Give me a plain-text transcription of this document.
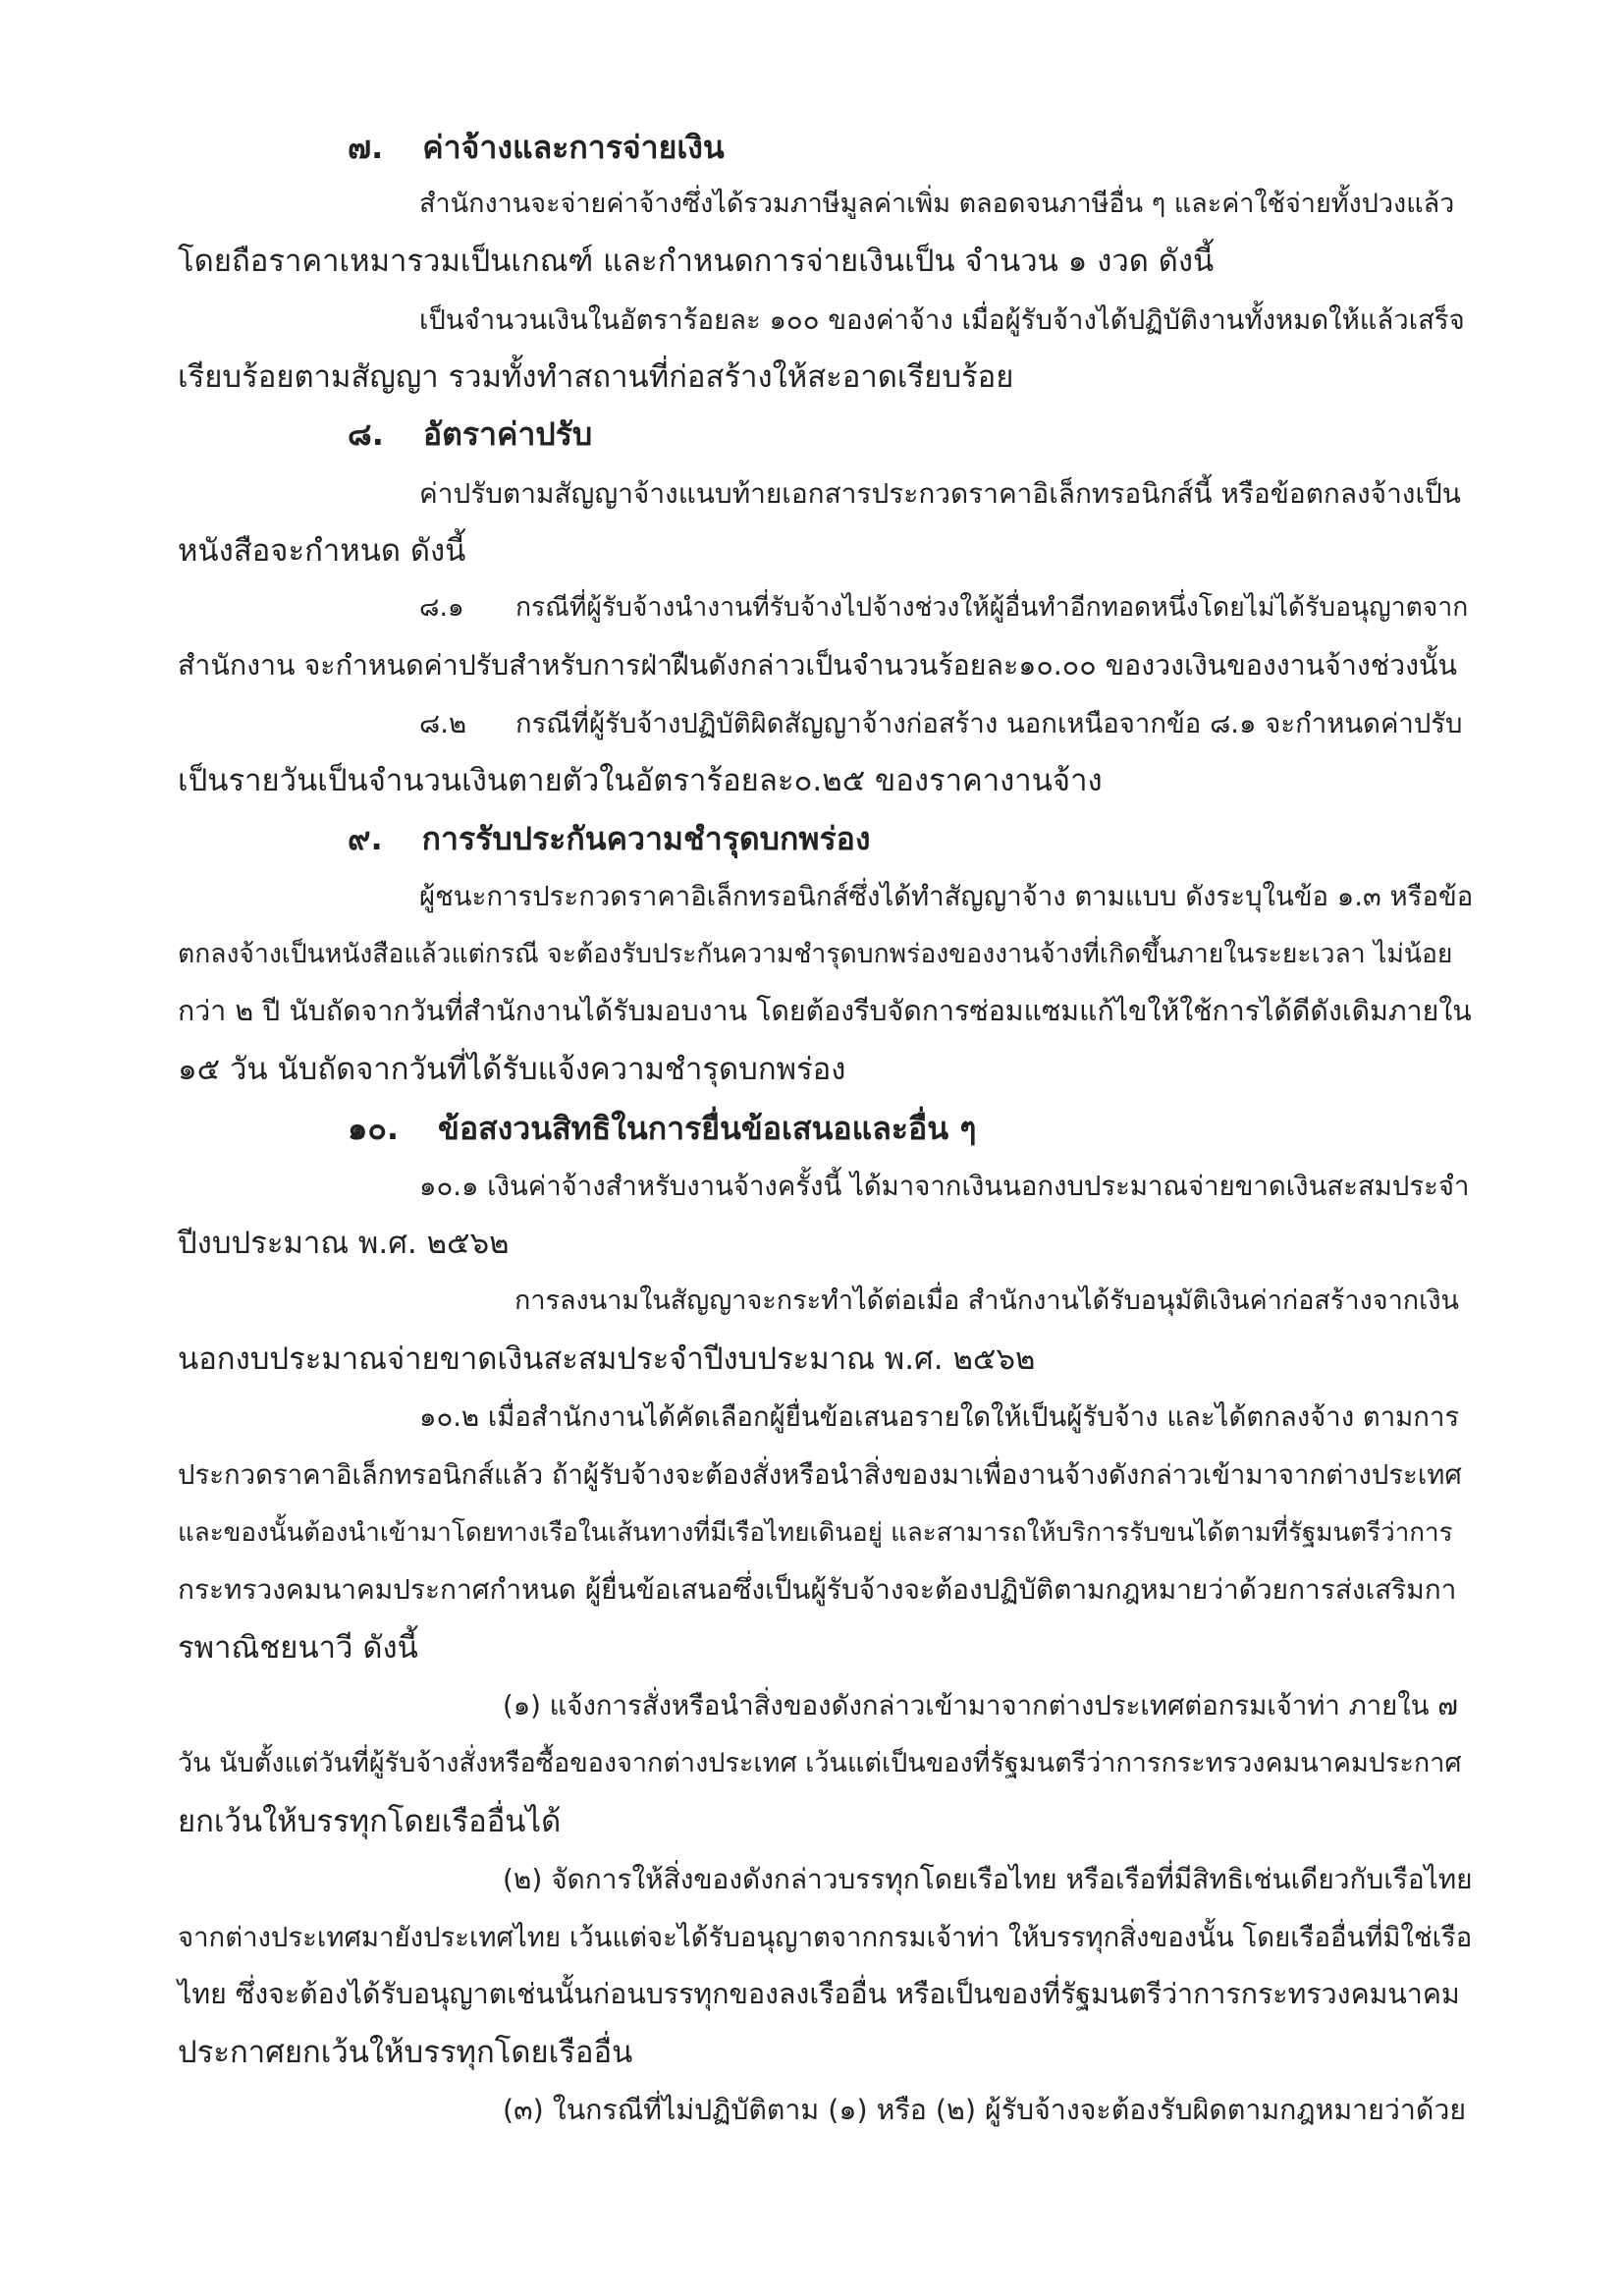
๗. ค่าจ้างและการจ่ายเงิน
สำนักงานจะจ่ายค่าจ้างซึ่งได้รวมภาษีมูลค่าเพิ่ม ตลอดจนภาษีอื่น ๆ และค่าใช้จ่ายทั้งปวงแล้ว
โดยถือราคาเหมารวมเป็นเกณฑ์ และกำหนดการจ่ายเงินเป็น จำนวน ๑ งวด ดังนี้
เป็นจำนวนเงินในอัตราร้อยละ ๑๐๐ ของค่าจ้าง เมื่อผู้รับจ้างได้ปฏิบัติงานทั้งหมดให้แล้วเสร็จ
เรียบร้อยตามสัญญา รวมทั้งทำสถานที่ก่อสร้างให้สะอาดเรียบร้อย
๘. อัตราค่าปรับ
ค่าปรับตามสัญญาจ้างแนบท้ายเอกสารประกวดราคาอิเล็กทรอนิกส์นี้ หรือข้อตกลงจ้างเป็น
หนังสือจะกำหนด ดังนี้
๘.๑ กรณีที่ผู้รับจ้างนำงานที่รับจ้างไปจ้างช่วงให้ผู้อื่นทำอีกทอดหนึ่งโดยไม่ได้รับอนุญาตจาก
สำนักงาน จะกำหนดค่าปรับสำหรับการฝ่าฝืนดังกล่าวเป็นจำนวนร้อยละ๑๐.๐๐ ของวงเงินของงานจ้างช่วงนั้น
๘.๒ กรณีที่ผู้รับจ้างปฏิบัติผิดสัญญาจ้างก่อสร้าง นอกเหนือจากข้อ ๘.๑ จะกำหนดค่าปรับ
เป็นรายวันเป็นจำนวนเงินตายตัวในอัตราร้อยละ๐.๒๕ ของราคางานจ้าง
๙. การรับประกันความชำรุดบกพร่อง
ผู้ชนะการประกวดราคาอิเล็กทรอนิกส์ซึ่งได้ทำสัญญาจ้าง ตามแบบ ดังระบุในข้อ ๑.๓ หรือข้อ
ตกลงจ้างเป็นหนังสือแล้วแต่กรณี จะต้องรับประกันความชำรุดบกพร่องของงานจ้างที่เกิดขึ้นภายในระยะเวลา ไม่น้อย
กว่า ๒ ปี นับถัดจากวันที่สำนักงานได้รับมอบงาน โดยต้องรีบจัดการซ่อมแซมแก้ไขให้ใช้การได้ดีดังเดิมภายใน
๑๕ วัน นับถัดจากวันที่ได้รับแจ้งความชำรุดบกพร่อง
๑๐. ข้อสงวนสิทธิในการยื่นข้อเสนอและอื่น ๆ
๑๐.๑ เงินค่าจ้างสำหรับงานจ้างครั้งนี้ ได้มาจากเงินนอกงบประมาณจ่ายขาดเงินสะสมประจำ
ปีงบประมาณ พ.ศ. ๒๕๖๒
การลงนามในสัญญาจะกระทำได้ต่อเมื่อ สำนักงานได้รับอนุมัติเงินค่าก่อสร้างจากเงิน
นอกงบประมาณจ่ายขาดเงินสะสมประจำปีงบประมาณ พ.ศ. ๒๕๖๒
๑๐.๒ เมื่อสำนักงานได้คัดเลือกผู้ยื่นข้อเสนอรายใดให้เป็นผู้รับจ้าง และได้ตกลงจ้าง ตามการ
ประกวดราคาอิเล็กทรอนิกส์แล้ว ถ้าผู้รับจ้างจะต้องสั่งหรือนำสิ่งของมาเพื่องานจ้างดังกล่าวเข้ามาจากต่างประเทศ
และของนั้นต้องนำเข้ามาโดยทางเรือในเส้นทางที่มีเรือไทยเดินอยู่ และสามารถให้บริการรับขนได้ตามที่รัฐมนตรีว่าการ
กระทรวงคมนาคมประกาศกำหนด ผู้ยื่นข้อเสนอซึ่งเป็นผู้รับจ้างจะต้องปฏิบัติตามกฎหมายว่าด้วยการส่งเสริมกา
รพาณิชยนาวี ดังนี้
(๑) แจ้งการสั่งหรือนำสิ่งของดังกล่าวเข้ามาจากต่างประเทศต่อกรมเจ้าท่า ภายใน ๗
วัน นับตั้งแต่วันที่ผู้รับจ้างสั่งหรือซื้อของจากต่างประเทศ เว้นแต่เป็นของที่รัฐมนตรีว่าการกระทรวงคมนาคมประกาศ
ยกเว้นให้บรรทุกโดยเรืออื่นได้
(๒) จัดการให้สิ่งของดังกล่าวบรรทุกโดยเรือไทย หรือเรือที่มีสิทธิเช่นเดียวกับเรือไทย
จากต่างประเทศมายังประเทศไทย เว้นแต่จะได้รับอนุญาตจากกรมเจ้าท่า ให้บรรทุกสิ่งของนั้น โดยเรืออื่นที่มิใช่เรือ
ไทย ซึ่งจะต้องได้รับอนุญาตเช่นนั้นก่อนบรรทุกของลงเรืออื่น หรือเป็นของที่รัฐมนตรีว่าการกระทรวงคมนาคม
ประกาศยกเว้นให้บรรทุกโดยเรืออื่น
(๓) ในกรณีที่ไม่ปฏิบัติตาม (๑) หรือ (๒) ผู้รับจ้างจะต้องรับผิดตามกฎหมายว่าด้วย
